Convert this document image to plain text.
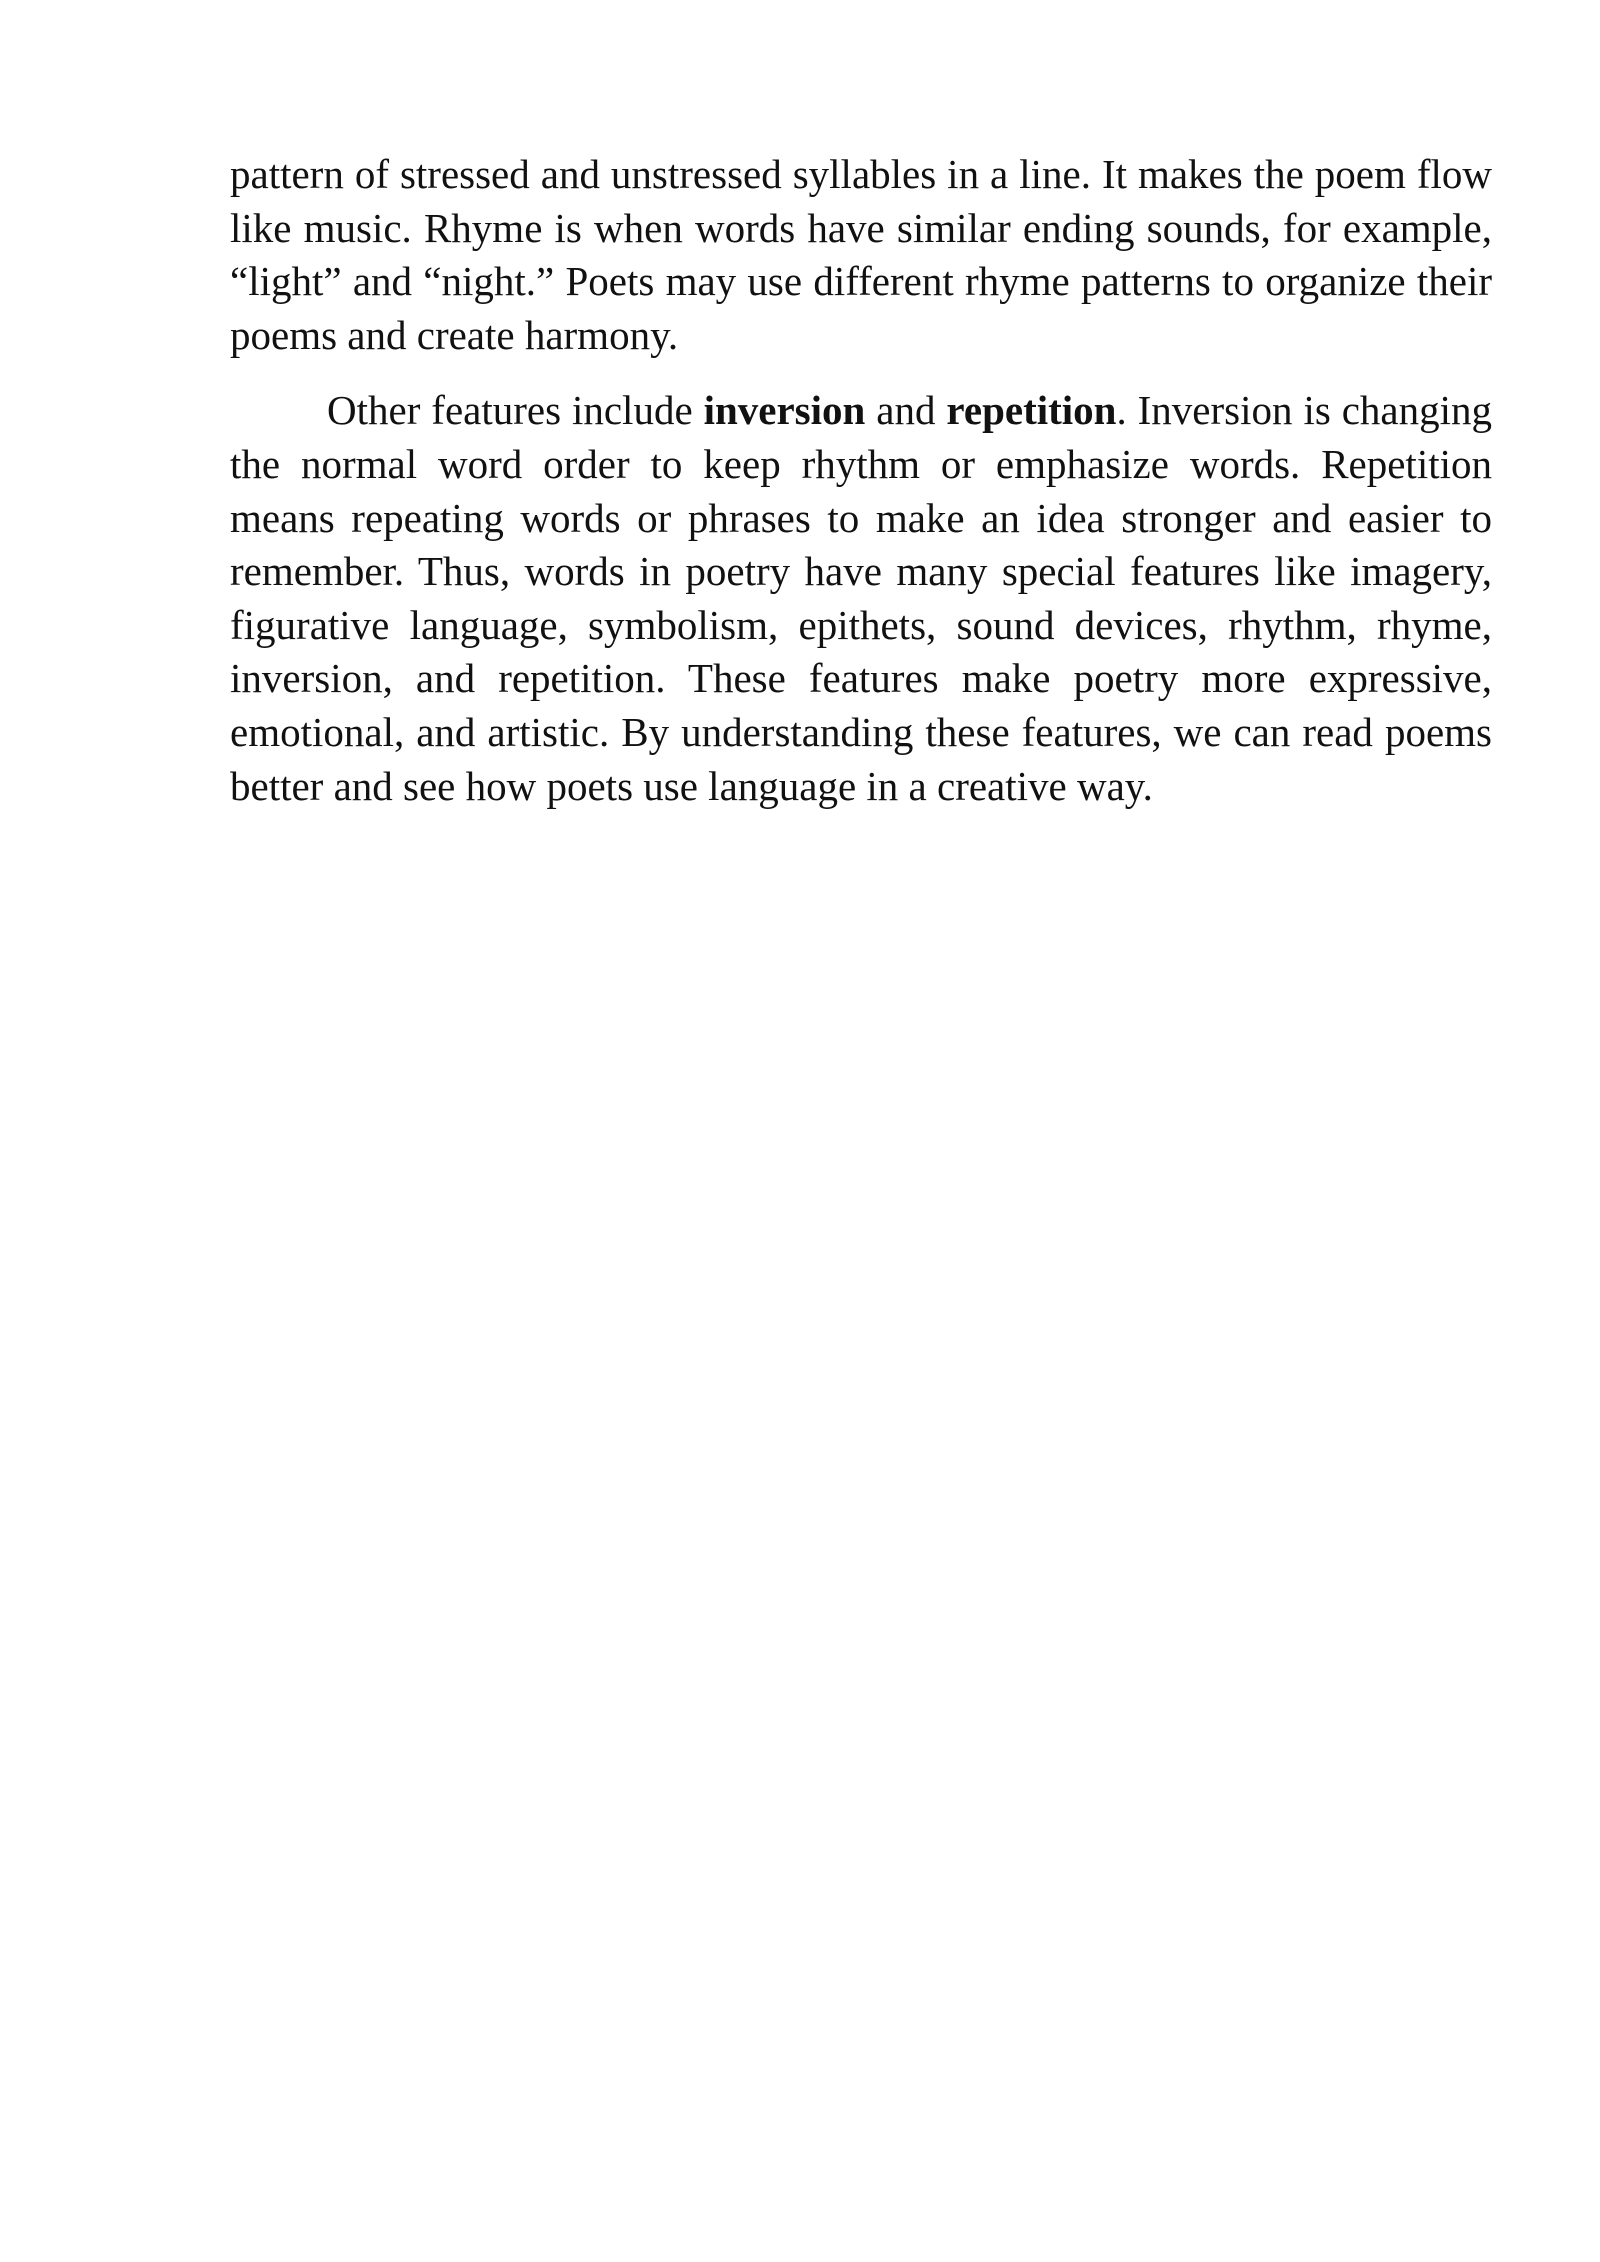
pattern of stressed and unstressed syllables in a line. It makes the poem flow like music. Rhyme is when words have similar ending sounds, for example, “light” and “night.” Poets may use different rhyme patterns to organize their poems and create harmony.

Other features include inversion and repetition. Inversion is changing the normal word order to keep rhythm or emphasize words. Repetition means repeating words or phrases to make an idea stronger and easier to remember. Thus, words in poetry have many special features like imagery, figurative language, symbolism, epithets, sound devices, rhythm, rhyme, inversion, and repetition. These features make poetry more expressive, emotional, and artistic. By understanding these features, we can read poems better and see how poets use language in a creative way.
